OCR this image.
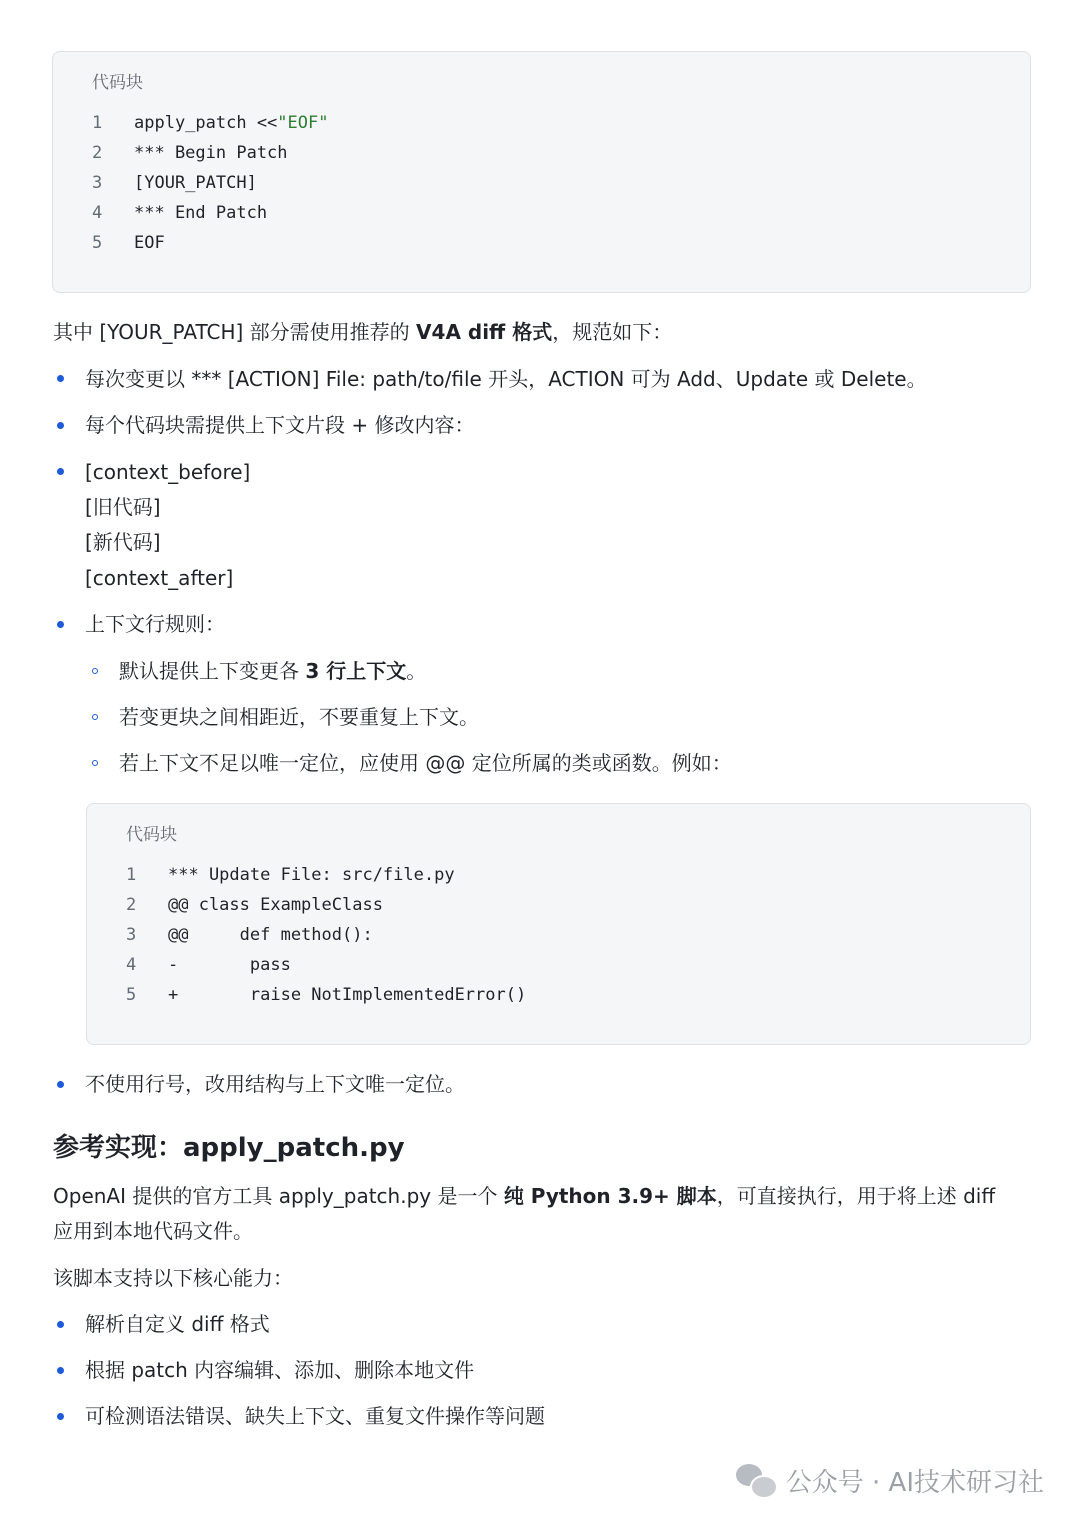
代码块
1 apply_patch <<"EOF"
2 *** Begin Patch
3 [YOUR_PATCH]
4 *** End Patch
5 EOF
其中 [YOUR_PATCH] 部分需使用推荐的 V4A diff 格式，规范如下：
每次变更以 *** [ACTION] File: path/to/file 开头，ACTION 可为 Add、Update 或 Delete。
每个代码块需提供上下文片段 + 修改内容：
[context_before]
[旧代码]
[新代码]
[context_after]
上下文行规则：
默认提供上下变更各 3 行上下文。
若变更块之间相距近，不要重复上下文。
若上下文不足以唯一定位，应使用 @@ 定位所属的类或函数。例如：
代码块
1 *** Update File: src/file.py
2 @@ class ExampleClass
3 @@     def method():
4 -       pass
5 +       raise NotImplementedError()
不使用行号，改用结构与上下文唯一定位。
参考实现：apply_patch.py
OpenAI 提供的官方工具 apply_patch.py 是一个 纯 Python 3.9+ 脚本，可直接执行，用于将上述 diff
应用到本地代码文件。
该脚本支持以下核心能力：
解析自定义 diff 格式
根据 patch 内容编辑、添加、删除本地文件
可检测语法错误、缺失上下文、重复文件操作等问题
公众号 · AI技术研习社
